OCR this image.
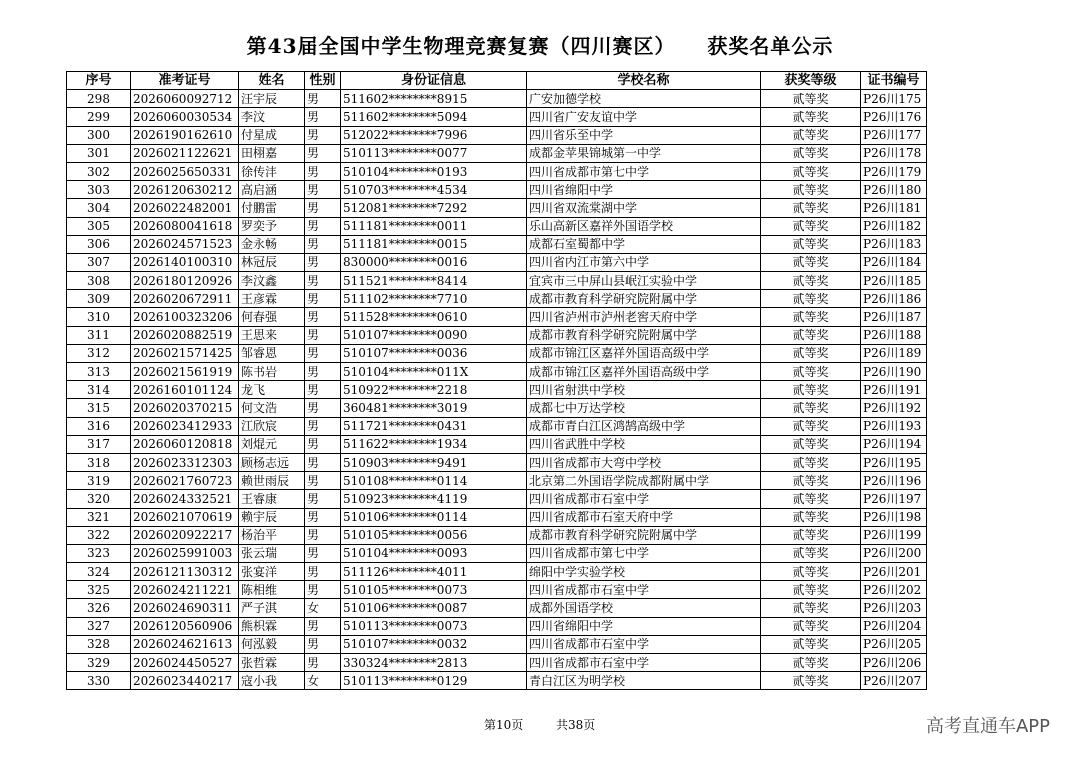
第43届全国中学生物理竞赛复赛（四川赛区）    获奖名单公示
序号	准考证号	姓名	性别	身份证信息	学校名称	获奖等级	证书编号
298	2026060092712	汪宇辰	男	511602********8915	广安加德学校	贰等奖	P26川175
299	2026060030534	李汶	男	511602********5094	四川省广安友谊中学	贰等奖	P26川176
300	2026190162610	付星成	男	512022********7996	四川省乐至中学	贰等奖	P26川177
301	2026021122621	田栩嘉	男	510113********0077	成都金苹果锦城第一中学	贰等奖	P26川178
302	2026025650331	徐传沣	男	510104********0193	四川省成都市第七中学	贰等奖	P26川179
303	2026120630212	高启涵	男	510703********4534	四川省绵阳中学	贰等奖	P26川180
304	2026022482001	付鹏雷	男	512081********7292	四川省双流棠湖中学	贰等奖	P26川181
305	2026080041618	罗奕予	男	511181********0011	乐山高新区嘉祥外国语学校	贰等奖	P26川182
306	2026024571523	金永畅	男	511181********0015	成都石室蜀都中学	贰等奖	P26川183
307	2026140100310	林冠辰	男	830000********0016	四川省内江市第六中学	贰等奖	P26川184
308	2026180120926	李汶鑫	男	511521********8414	宜宾市三中屏山县岷江实验中学	贰等奖	P26川185
309	2026020672911	王彦霖	男	511102********7710	成都市教育科学研究院附属中学	贰等奖	P26川186
310	2026100323206	何春强	男	511528********0610	四川省泸州市泸州老窖天府中学	贰等奖	P26川187
311	2026020882519	王思来	男	510107********0090	成都市教育科学研究院附属中学	贰等奖	P26川188
312	2026021571425	邹睿恩	男	510107********0036	成都市锦江区嘉祥外国语高级中学	贰等奖	P26川189
313	2026021561919	陈书岩	男	510104********011X	成都市锦江区嘉祥外国语高级中学	贰等奖	P26川190
314	2026160101124	龙飞	男	510922********2218	四川省射洪中学校	贰等奖	P26川191
315	2026020370215	何文浩	男	360481********3019	成都七中万达学校	贰等奖	P26川192
316	2026023412933	江欣宸	男	511721********0431	成都市青白江区鸿鹄高级中学	贰等奖	P26川193
317	2026060120818	刘焜元	男	511622********1934	四川省武胜中学校	贰等奖	P26川194
318	2026023312303	顾杨志远	男	510903********9491	四川省成都市大弯中学校	贰等奖	P26川195
319	2026021760723	赖世雨辰	男	510108********0114	北京第二外国语学院成都附属中学	贰等奖	P26川196
320	2026024332521	王睿康	男	510923********4119	四川省成都市石室中学	贰等奖	P26川197
321	2026021070619	赖宇辰	男	510106********0114	四川省成都市石室天府中学	贰等奖	P26川198
322	2026020922217	杨治平	男	510105********0056	成都市教育科学研究院附属中学	贰等奖	P26川199
323	2026025991003	张云瑞	男	510104********0093	四川省成都市第七中学	贰等奖	P26川200
324	2026121130312	张宴洋	男	511126********4011	绵阳中学实验学校	贰等奖	P26川201
325	2026024211221	陈相维	男	510105********0073	四川省成都市石室中学	贰等奖	P26川202
326	2026024690311	严子淇	女	510106********0087	成都外国语学校	贰等奖	P26川203
327	2026120560906	熊枳霖	男	510113********0073	四川省绵阳中学	贰等奖	P26川204
328	2026024621613	何泓毅	男	510107********0032	四川省成都市石室中学	贰等奖	P26川205
329	2026024450527	张哲霖	男	330324********2813	四川省成都市石室中学	贰等奖	P26川206
330	2026023440217	寇小我	女	510113********0129	青白江区为明学校	贰等奖	P26川207
第10页	共38页	高考直通车APP
